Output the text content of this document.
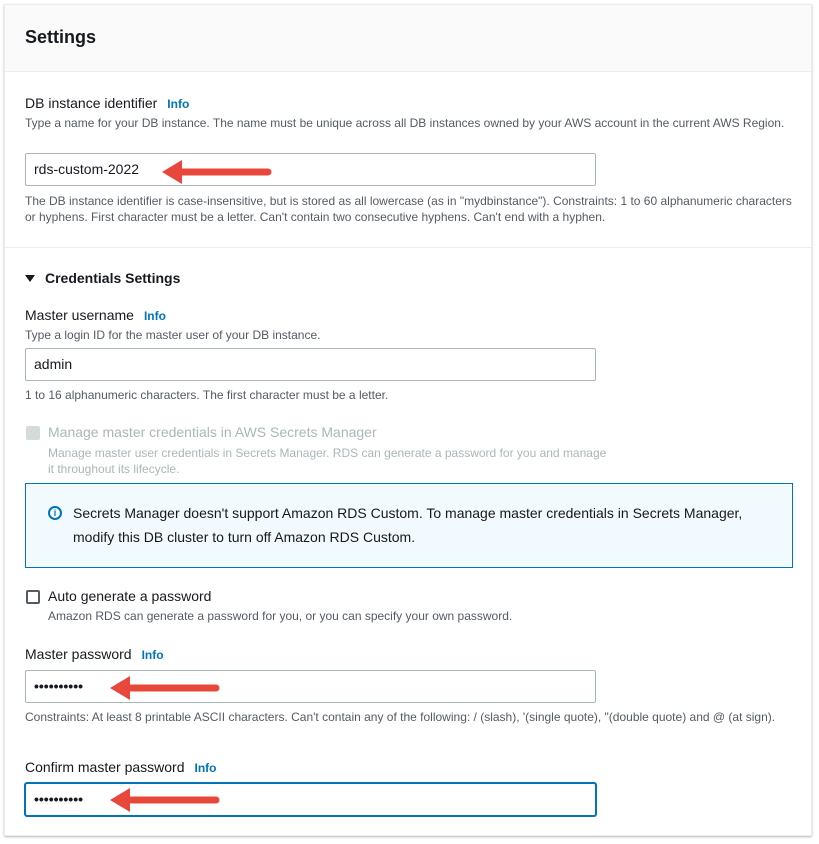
Settings
DB instance identifier Info
Type a name for your DB instance. The name must be unique across all DB instances owned by your AWS account in the current AWS Region.
rds-custom-2022
The DB instance identifier is case-insensitive, but is stored as all lowercase (as in "mydbinstance"). Constraints: 1 to 60 alphanumeric characters or hyphens. First character must be a letter. Can't contain two consecutive hyphens. Can't end with a hyphen.
Credentials Settings
Master username Info
Type a login ID for the master user of your DB instance.
admin
1 to 16 alphanumeric characters. The first character must be a letter.
Manage master credentials in AWS Secrets Manager
Manage master user credentials in Secrets Manager. RDS can generate a password for you and manage it throughout its lifecycle.
i	Secrets Manager doesn't support Amazon RDS Custom. To manage master credentials in Secrets Manager, modify this DB cluster to turn off Amazon RDS Custom.
Auto generate a password
Amazon RDS can generate a password for you, or you can specify your own password.
Master password Info
••••••••••
Constraints: At least 8 printable ASCII characters. Can't contain any of the following: / (slash), '(single quote), "(double quote) and @ (at sign).
Confirm master password Info
••••••••••
